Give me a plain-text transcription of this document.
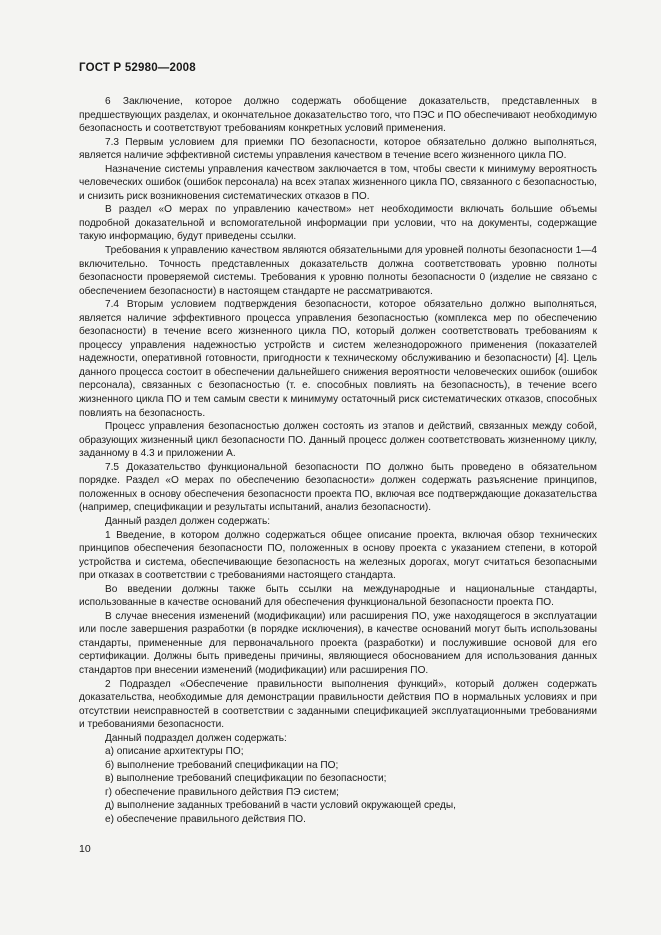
ГОСТ Р 52980—2008

6 Заключение, которое должно содержать обобщение доказательств, представленных в предшествующих разделах, и окончательное доказательство того, что ПЭС и ПО обеспечивают необходимую безопасность и соответствуют требованиям конкретных условий применения.

7.3 Первым условием для приемки ПО безопасности, которое обязательно должно выполняться, является наличие эффективной системы управления качеством в течение всего жизненного цикла ПО.

Назначение системы управления качеством заключается в том, чтобы свести к минимуму вероятность человеческих ошибок (ошибок персонала) на всех этапах жизненного цикла ПО, связанного с безопасностью, и снизить риск возникновения систематических отказов в ПО.

В раздел «О мерах по управлению качеством» нет необходимости включать большие объемы подробной доказательной и вспомогательной информации при условии, что на документы, содержащие такую информацию, будут приведены ссылки.

Требования к управлению качеством являются обязательными для уровней полноты безопасности 1—4 включительно. Точность представленных доказательств должна соответствовать уровню полноты безопасности проверяемой системы. Требования к уровню полноты безопасности 0 (изделие не связано с обеспечением безопасности) в настоящем стандарте не рассматриваются.

7.4 Вторым условием подтверждения безопасности, которое обязательно должно выполняться, является наличие эффективного процесса управления безопасностью (комплекса мер по обеспечению безопасности) в течение всего жизненного цикла ПО, который должен соответствовать требованиям к процессу управления надежностью устройств и систем железнодорожного применения (показателей надежности, оперативной готовности, пригодности к техническому обслуживанию и безопасности) [4]. Цель данного процесса состоит в обеспечении дальнейшего снижения вероятности человеческих ошибок (ошибок персонала), связанных с безопасностью (т. е. способных повлиять на безопасность), в течение всего жизненного цикла ПО и тем самым свести к минимуму остаточный риск систематических отказов, способных повлиять на безопасность.

Процесс управления безопасностью должен состоять из этапов и действий, связанных между собой, образующих жизненный цикл безопасности ПО. Данный процесс должен соответствовать жизненному циклу, заданному в 4.3 и приложении А.

7.5 Доказательство функциональной безопасности ПО должно быть проведено в обязательном порядке. Раздел «О мерах по обеспечению безопасности» должен содержать разъяснение принципов, положенных в основу обеспечения безопасности проекта ПО, включая все подтверждающие доказательства (например, спецификации и результаты испытаний, анализ безопасности).

Данный раздел должен содержать:

1 Введение, в котором должно содержаться общее описание проекта, включая обзор технических принципов обеспечения безопасности ПО, положенных в основу проекта с указанием степени, в которой устройства и система, обеспечивающие безопасность на железных дорогах, могут считаться безопасными при отказах в соответствии с требованиями настоящего стандарта.

Во введении должны также быть ссылки на международные и национальные стандарты, использованные в качестве оснований для обеспечения функциональной безопасности проекта ПО.

В случае внесения изменений (модификации) или расширения ПО, уже находящегося в эксплуатации или после завершения разработки (в порядке исключения), в качестве оснований могут быть использованы стандарты, примененные для первоначального проекта (разработки) и послужившие основой для его сертификации. Должны быть приведены причины, являющиеся обоснованием для использования данных стандартов при внесении изменений (модификации) или расширения ПО.

2 Подраздел «Обеспечение правильности выполнения функций», который должен содержать доказательства, необходимые для демонстрации правильности действия ПО в нормальных условиях и при отсутствии неисправностей в соответствии с заданными спецификацией эксплуатационными требованиями и требованиями безопасности.

Данный подраздел должен содержать:

а) описание архитектуры ПО;

б) выполнение требований спецификации на ПО;

в) выполнение требований спецификации по безопасности;

г) обеспечение правильного действия ПЭ систем;

д) выполнение заданных требований в части условий окружающей среды,

е) обеспечение правильного действия ПО.

10
